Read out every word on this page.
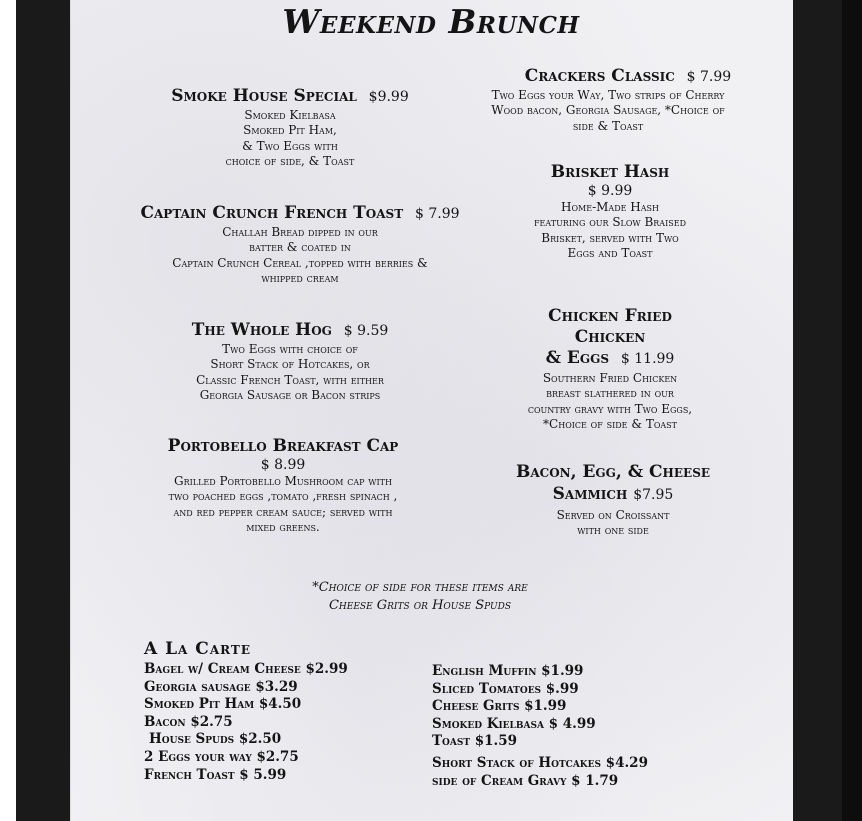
Weekend Brunch
Smoke House Special $9.99
Smoked Kielbasa
Smoked Pit Ham,
& Two Eggs with
choice of side, & Toast
Crackers Classic $ 7.99
Two Eggs your Way, Two strips of Cherry
Wood bacon, Georgia Sausage, *Choice of
side & Toast
Brisket Hash
$ 9.99
Home-Made Hash
featuring our Slow Braised
Brisket, served with Two
Eggs and Toast
Captain Crunch French Toast $ 7.99
Challah Bread dipped in our
batter & coated in
Captain Crunch Cereal ,topped with berries &
whipped cream
The Whole Hog $ 9.59
Two Eggs with choice of
Short Stack of Hotcakes, or
Classic French Toast, with either
Georgia Sausage or Bacon strips
Chicken Fried
Chicken
& Eggs $ 11.99
Southern Fried Chicken
breast slathered in our
country gravy with Two Eggs,
*Choice of side & Toast
Portobello Breakfast Cap
$ 8.99
Grilled Portobello Mushroom cap with
two poached eggs ,tomato ,fresh spinach ,
and red pepper cream sauce; served with
mixed greens.
Bacon, Egg, & Cheese
Sammich $7.95
Served on Croissant
with one side
*Choice of side for these items are
Cheese Grits or House Spuds
A La Carte
Bagel w/ Cream Cheese $2.99
Georgia sausage $3.29
Smoked Pit Ham $4.50
Bacon $2.75
House Spuds $2.50
2 Eggs your way $2.75
French Toast $ 5.99
English Muffin $1.99
Sliced Tomatoes $.99
Cheese Grits $1.99
Smoked Kielbasa $ 4.99
Toast $1.59
Short Stack of Hotcakes $4.29
side of Cream Gravy $ 1.79
